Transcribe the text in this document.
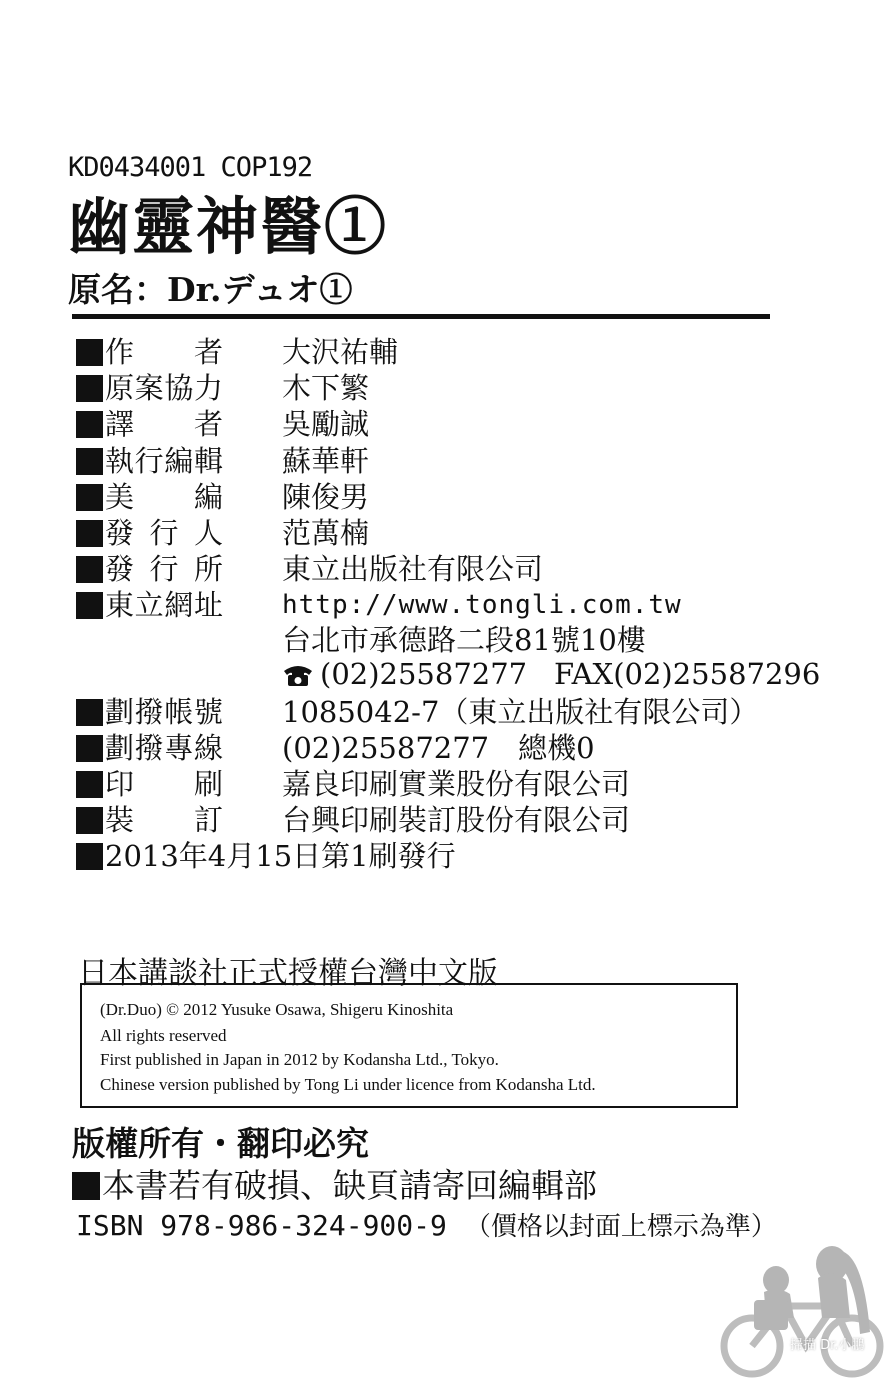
KD0434001 COP192
幽靈神醫①
原名：Dr.デュオ①
作者 大沢祐輔
原案協力 木下繁
譯者 吳勵誠
執行編輯 蘇華軒
美編 陳俊男
發行人 范萬楠
發行所 東立出版社有限公司
東立網址 http://www.tongli.com.tw
台北市承德路二段81號10樓
(02)25587277 FAX(02)25587296
劃撥帳號 1085042-7（東立出版社有限公司）
劃撥專線 (02)25587277　總機0
印刷 嘉良印刷實業股份有限公司
裝訂 台興印刷裝訂股份有限公司
2013年4月15日第1刷發行
日本講談社正式授權台灣中文版
(Dr.Duo) © 2012 Yusuke Osawa, Shigeru Kinoshita
All rights reserved
First published in Japan in 2012 by Kodansha Ltd., Tokyo.
Chinese version published by Tong Li under licence from Kodansha Ltd.
版權所有・翻印必究
本書若有破損、缺頁請寄回編輯部
ISBN 978-986-324-900-9 （價格以封面上標示為準）
掃描 Dr.小鵬
